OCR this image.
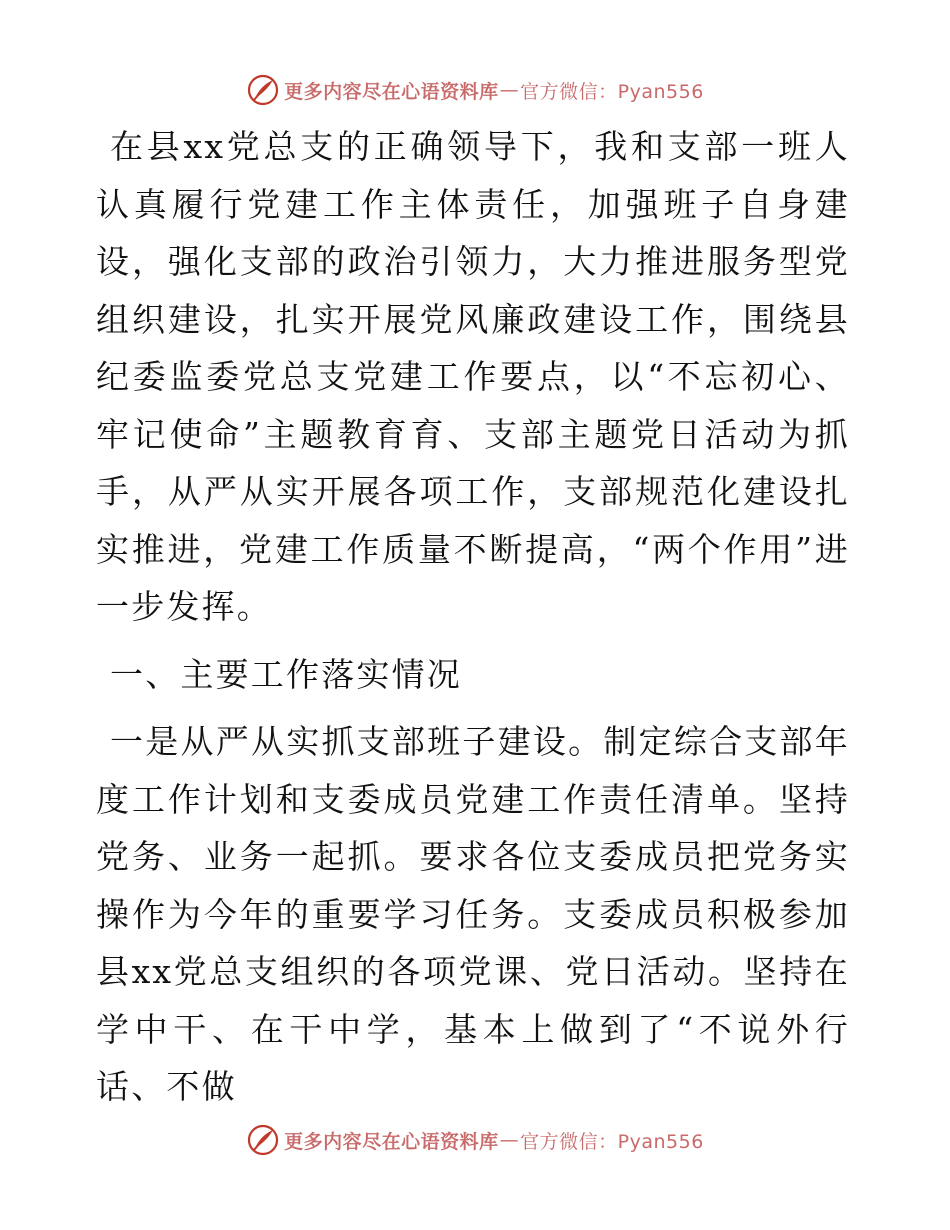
更多内容尽在心语资料库 — 官方微信：Pyan556

在县xx党总支的正确领导下，我和支部一班人认真履行党建工作主体责任，加强班子自身建设，强化支部的政治引领力，大力推进服务型党组织建设，扎实开展党风廉政建设工作，围绕县纪委监委党总支党建工作要点，以“不忘初心、牢记使命”主题教育育、支部主题党日活动为抓手，从严从实开展各项工作，支部规范化建设扎实推进，党建工作质量不断提高，“两个作用”进一步发挥。

一、主要工作落实情况

一是从严从实抓支部班子建设。制定综合支部年度工作计划和支委成员党建工作责任清单。坚持党务、业务一起抓。要求各位支委成员把党务实操作为今年的重要学习任务。支委成员积极参加县xx党总支组织的各项党课、党日活动。坚持在学中干、在干中学，基本上做到了“不说外行话、不做

更多内容尽在心语资料库 — 官方微信：Pyan556
